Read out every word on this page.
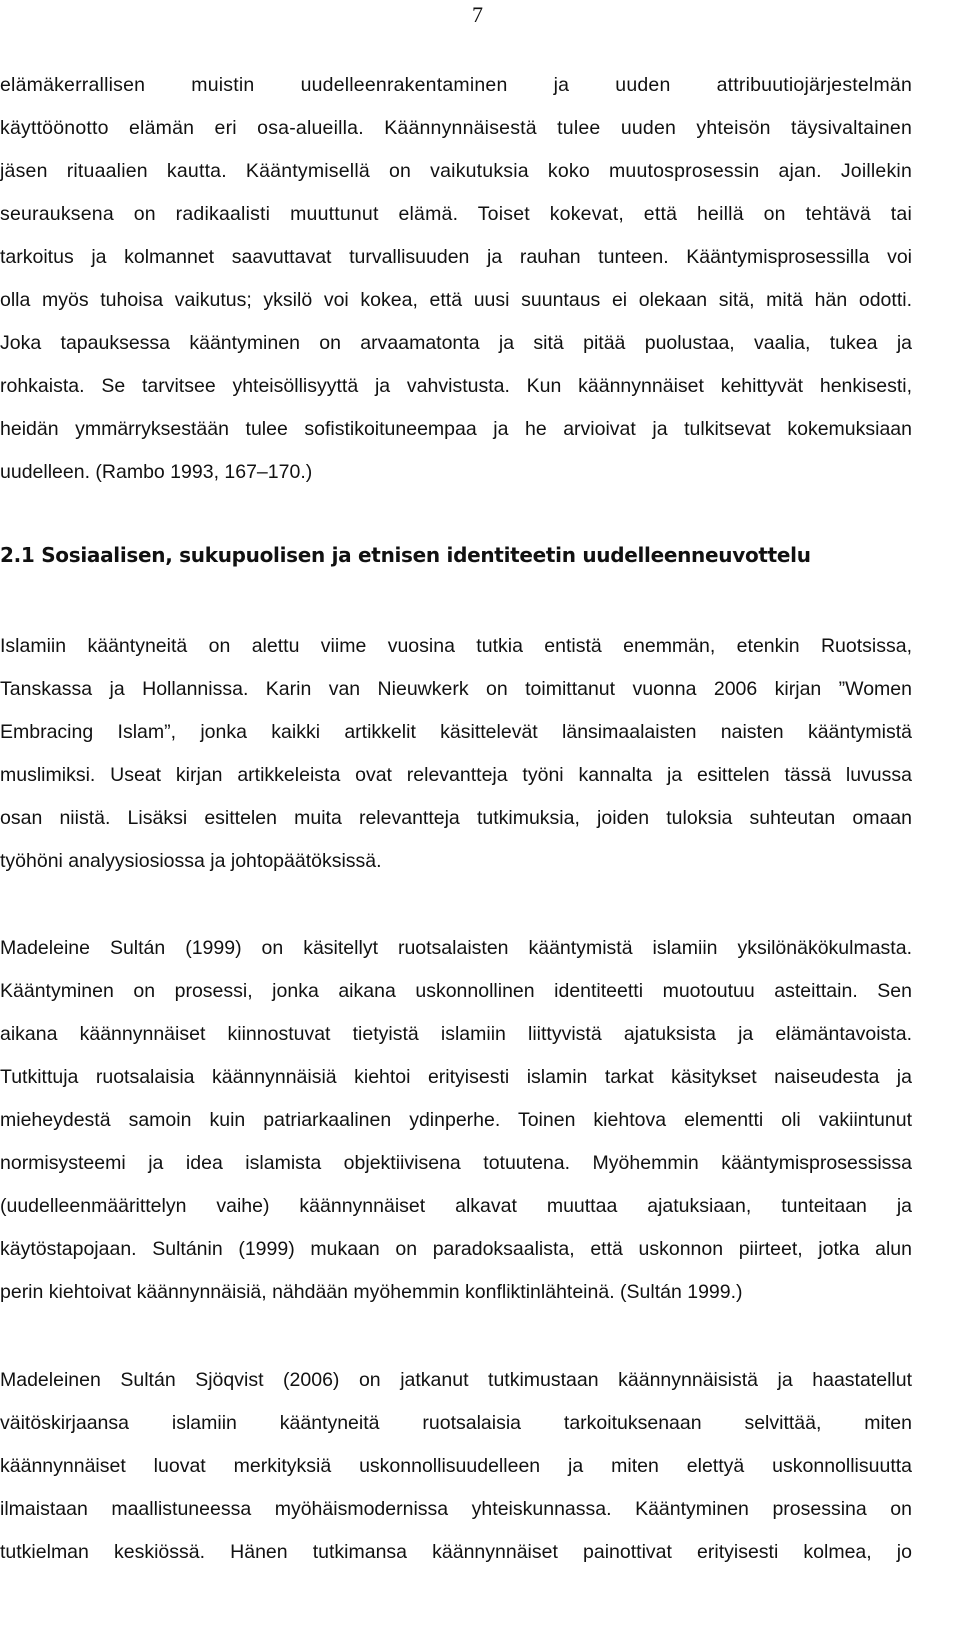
7

elämäkerrallisen muistin uudelleenrakentaminen ja uuden attribuutiojärjestelmän

käyttöönotto elämän eri osa-alueilla. Käännynnäisestä tulee uuden yhteisön täysivaltainen

jäsen rituaalien kautta. Kääntymisellä on vaikutuksia koko muutosprosessin ajan. Joillekin

seurauksena on radikaalisti muuttunut elämä. Toiset kokevat, että heillä on tehtävä tai

tarkoitus ja kolmannet saavuttavat turvallisuuden ja rauhan tunteen. Kääntymisprosessilla voi

olla myös tuhoisa vaikutus; yksilö voi kokea, että uusi suuntaus ei olekaan sitä, mitä hän odotti.

Joka tapauksessa kääntyminen on arvaamatonta ja sitä pitää puolustaa, vaalia, tukea ja

rohkaista. Se tarvitsee yhteisöllisyyttä ja vahvistusta. Kun käännynnäiset kehittyvät henkisesti,

heidän ymmärryksestään tulee sofistikoituneempaa ja he arvioivat ja tulkitsevat kokemuksiaan

uudelleen. (Rambo 1993, 167–170.)

2.1 Sosiaalisen, sukupuolisen ja etnisen identiteetin uudelleenneuvottelu

Islamiin kääntyneitä on alettu viime vuosina tutkia entistä enemmän, etenkin Ruotsissa,

Tanskassa ja Hollannissa. Karin van Nieuwkerk on toimittanut vuonna 2006 kirjan ”Women

Embracing Islam”, jonka kaikki artikkelit käsittelevät länsimaalaisten naisten kääntymistä

muslimiksi. Useat kirjan artikkeleista ovat relevantteja työni kannalta ja esittelen tässä luvussa

osan niistä. Lisäksi esittelen muita relevantteja tutkimuksia, joiden tuloksia suhteutan omaan

työhöni analyysiosiossa ja johtopäätöksissä.

Madeleine Sultán (1999) on käsitellyt ruotsalaisten kääntymistä islamiin yksilönäkökulmasta.

Kääntyminen on prosessi, jonka aikana uskonnollinen identiteetti muotoutuu asteittain. Sen

aikana käännynnäiset kiinnostuvat tietyistä islamiin liittyvistä ajatuksista ja elämäntavoista.

Tutkittuja ruotsalaisia käännynnäisiä kiehtoi erityisesti islamin tarkat käsitykset naiseudesta ja

mieheydestä samoin kuin patriarkaalinen ydinperhe. Toinen kiehtova elementti oli vakiintunut

normisysteemi ja idea islamista objektiivisena totuutena. Myöhemmin kääntymisprosessissa

(uudelleenmäärittelyn vaihe) käännynnäiset alkavat muuttaa ajatuksiaan, tunteitaan ja

käytöstapojaan. Sultánin (1999) mukaan on paradoksaalista, että uskonnon piirteet, jotka alun

perin kiehtoivat käännynnäisiä, nähdään myöhemmin konfliktinlähteinä. (Sultán 1999.)

Madeleinen Sultán Sjöqvist (2006) on jatkanut tutkimustaan käännynnäisistä ja haastatellut

väitöskirjaansa islamiin kääntyneitä ruotsalaisia tarkoituksenaan selvittää, miten

käännynnäiset luovat merkityksiä uskonnollisuudelleen ja miten elettyä uskonnollisuutta

ilmaistaan maallistuneessa myöhäismodernissa yhteiskunnassa. Kääntyminen prosessina on

tutkielman keskiössä. Hänen tutkimansa käännynnäiset painottivat erityisesti kolmea, jo
